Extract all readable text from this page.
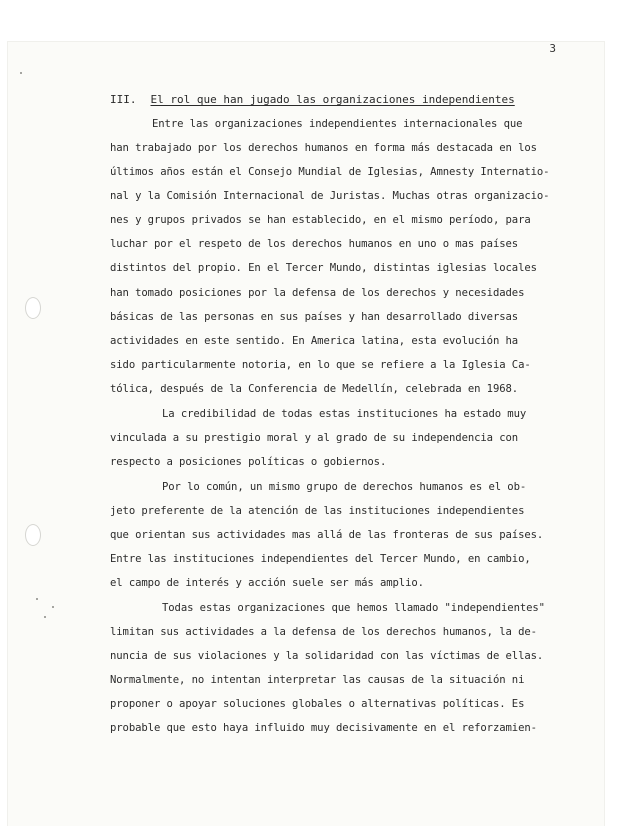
3
III. El rol que han jugado las organizaciones independientes
Entre las organizaciones independientes internacionales que
han trabajado por los derechos humanos en forma más destacada en los
últimos años están el Consejo Mundial de Iglesias, Amnesty Internatio-
nal y la Comisión Internacional de Juristas. Muchas otras organizacio-
nes y grupos privados se han establecido, en el mismo período, para
luchar por el respeto de los derechos humanos en uno o mas países
distintos del propio. En el Tercer Mundo, distintas iglesias locales
han tomado posiciones por la defensa de los derechos y necesidades
básicas de las personas en sus países y han desarrollado diversas
actividades en este sentido. En America latina, esta evolución ha
sido particularmente notoria, en lo que se refiere a la Iglesia Ca-
tólica, después de la Conferencia de Medellín, celebrada en 1968.
La credibilidad de todas estas instituciones ha estado muy
vinculada a su prestigio moral y al grado de su independencia con
respecto a posiciones políticas o gobiernos.
Por lo común, un mismo grupo de derechos humanos es el ob-
jeto preferente de la atención de las instituciones independientes
que orientan sus actividades mas allá de las fronteras de sus países.
Entre las instituciones independientes del Tercer Mundo, en cambio,
el campo de interés y acción suele ser más amplio.
Todas estas organizaciones que hemos llamado "independientes"
limitan sus actividades a la defensa de los derechos humanos, la de-
nuncia de sus violaciones y la solidaridad con las víctimas de ellas.
Normalmente, no intentan interpretar las causas de la situación ni
proponer o apoyar soluciones globales o alternativas políticas. Es
probable que esto haya influido muy decisivamente en el reforzamien-
